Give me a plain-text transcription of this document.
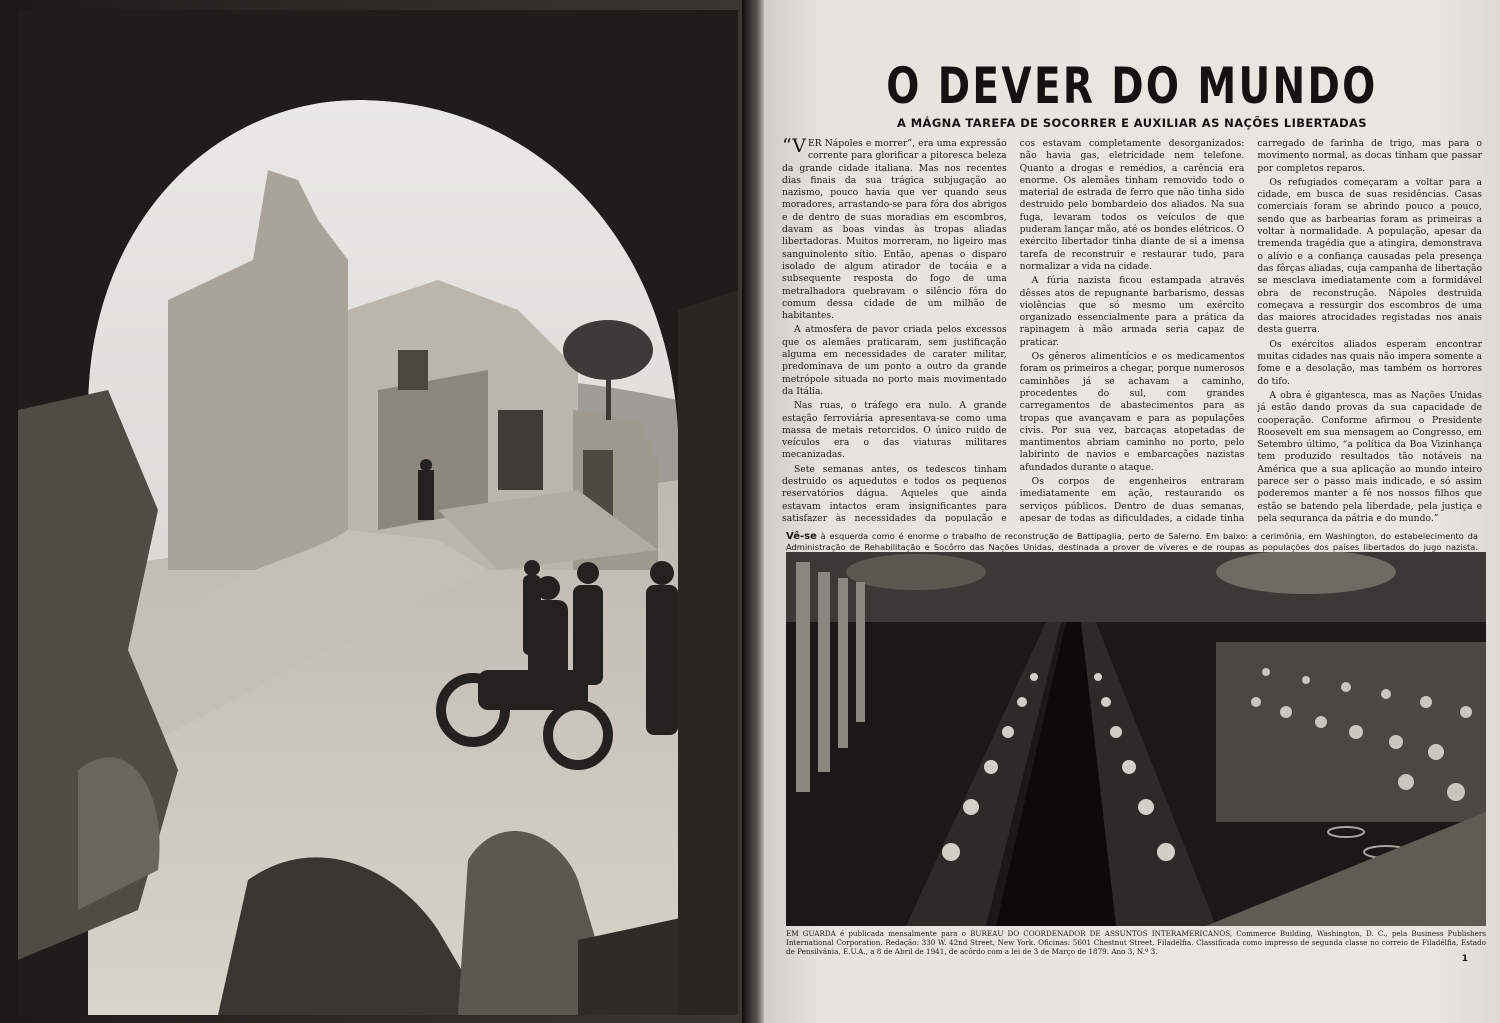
O DEVER DO MUNDO
A MÁGNA TAREFA DE SOCORRER E AUXILIAR AS NAÇÕES LIBERTADAS

“VER Nápoles e morrer”, era uma expressão corrente para glorificar a pitoresca beleza da grande cidade italiana. Mas nos recentes dias finais da sua trágica subjugação ao nazismo, pouco havia que ver quando seus moradores, arrastando-se para fóra dos abrigos e de dentro de suas moradias em escombros, davam as boas vindas às tropas aliadas libertadoras. Muitos morreram, no ligeiro mas sanguinolento sítio. Então, apenas o disparo isolado de algum atirador de tocáia e a subsequente resposta do fogo de uma metralhadora quebravam o silêncio fóra do comum dessa cidade de um milhão de habitantes.

A atmosfera de pavor criada pelos excessos que os alemães praticaram, sem justificação alguma em necessidades de carater militar, predominava de um ponto a outro da grande metrópole situada no porto mais movimentado da Itália.

Nas ruas, o tráfego era nulo. A grande estação ferroviária apresentava-se como uma massa de metais retorcidos. O único ruido de veículos era o das viaturas militares mecanizadas.

Sete semanas antes, os tedescos tinham destruido os aquedutos e todos os pequenos reservatórios dágua. Aqueles que ainda estavam intactos eram insignificantes para satisfazer às necessidades da população e

cos estavam completamente desorganizados: não havia gas, eletricidade nem telefone. Quanto a drogas e remédios, a carência era enorme. Os alemães tinham removido todo o material de estrada de ferro que não tinha sido destruido pelo bombardeio dos aliados. Na sua fuga, levaram todos os veículos de que puderam lançar mão, até os bondes elétricos. O exército libertador tinha diante de si a imensa tarefa de reconstruir e restaurar tudo, para normalizar a vida na cidade.

A fúria nazista ficou estampada através dêsses atos de repugnante barbarismo, dessas violências que só mesmo um exército organizado essencialmente para a prática da rapinagem à mão armada seria capaz de praticar.

Os gêneros alimentícios e os medicamentos foram os primeiros a chegar, porque numerosos caminhões já se achavam a caminho, procedentes do sul, com grandes carregamentos de abastecimentos para as tropas que avançavam e para as populações civis. Por sua vez, barcaças atopetadas de mantimentos abriam caminho no porto, pelo labirinto de navios e embarcações nazistas afundados durante o ataque.

Os corpos de engenheiros entraram imediatamente em ação, restaurando os serviços públicos. Dentro de duas semanas, apesar de todas as dificuldades, a cidade tinha

carregado de farinha de trigo, mas para o movimento normal, as docas tinham que passar por completos reparos.

Os refugiados começaram a voltar para a cidade, em busca de suas residências. Casas comerciais foram se abrindo pouco a pouco, sendo que as barbearias foram as primeiras a voltar à normalidade. A população, apesar da tremenda tragédia que a atingira, demonstrava o alívio e a confiança causadas pela presença das fôrças aliadas, cuja campanha de libertação se mesclava imediatamente com a formidável obra de reconstrução. Nápoles destruida começava a ressurgir dos escombros de uma das maiores atrocidades registadas nos anais desta guerra.

Os exércitos aliados esperam encontrar muitas cidades nas quais não impera somente a fome e a desolação, mas também os horrores do tifo.

A obra é gigantesca, mas as Nações Unidas já estão dando provas da sua capacidade de cooperação. Conforme afirmou o Presidente Roosevelt em sua mensagem ao Congresso, em Setembro último, “a política da Boa Vizinhança tem produzido resultados tão notáveis na América que a sua aplicação ao mundo inteiro parece ser o passo mais indicado, e só assim poderemos manter a fé nos nossos filhos que estão se batendo pela liberdade, pela justiça e pela segurança da pátria e do mundo.”

Vê-se à esquerda como é enorme o trabalho de reconstrução de Battipaglia, perto de Salerno. Em baixo: a cerimônia, em Washington, do estabelecimento da Administração de Rehabilitação e Socôrro das Nações Unidas, destinada a prover de víveres e de roupas as populações dos países libertados do jugo nazista.
EM GUARDA é publicada mensalmente para o BUREAU DO COORDENADOR DE ASSUNTOS INTERAMERICANOS, Commerce Building, Washington, D. C., pela Business Publishers International Corporation. Redação: 330 W. 42nd Street, New York. Oficinas: 5601 Chestnut Street, Filadélfia. Classificada como impresso de segunda classe no correio de Filadélfia, Estado de Pensilvânia, E.U.A., a 8 de Abril de 1941, de acôrdo com a lei de 3 de Março de 1879. Ano 3, N.º 3.
1
